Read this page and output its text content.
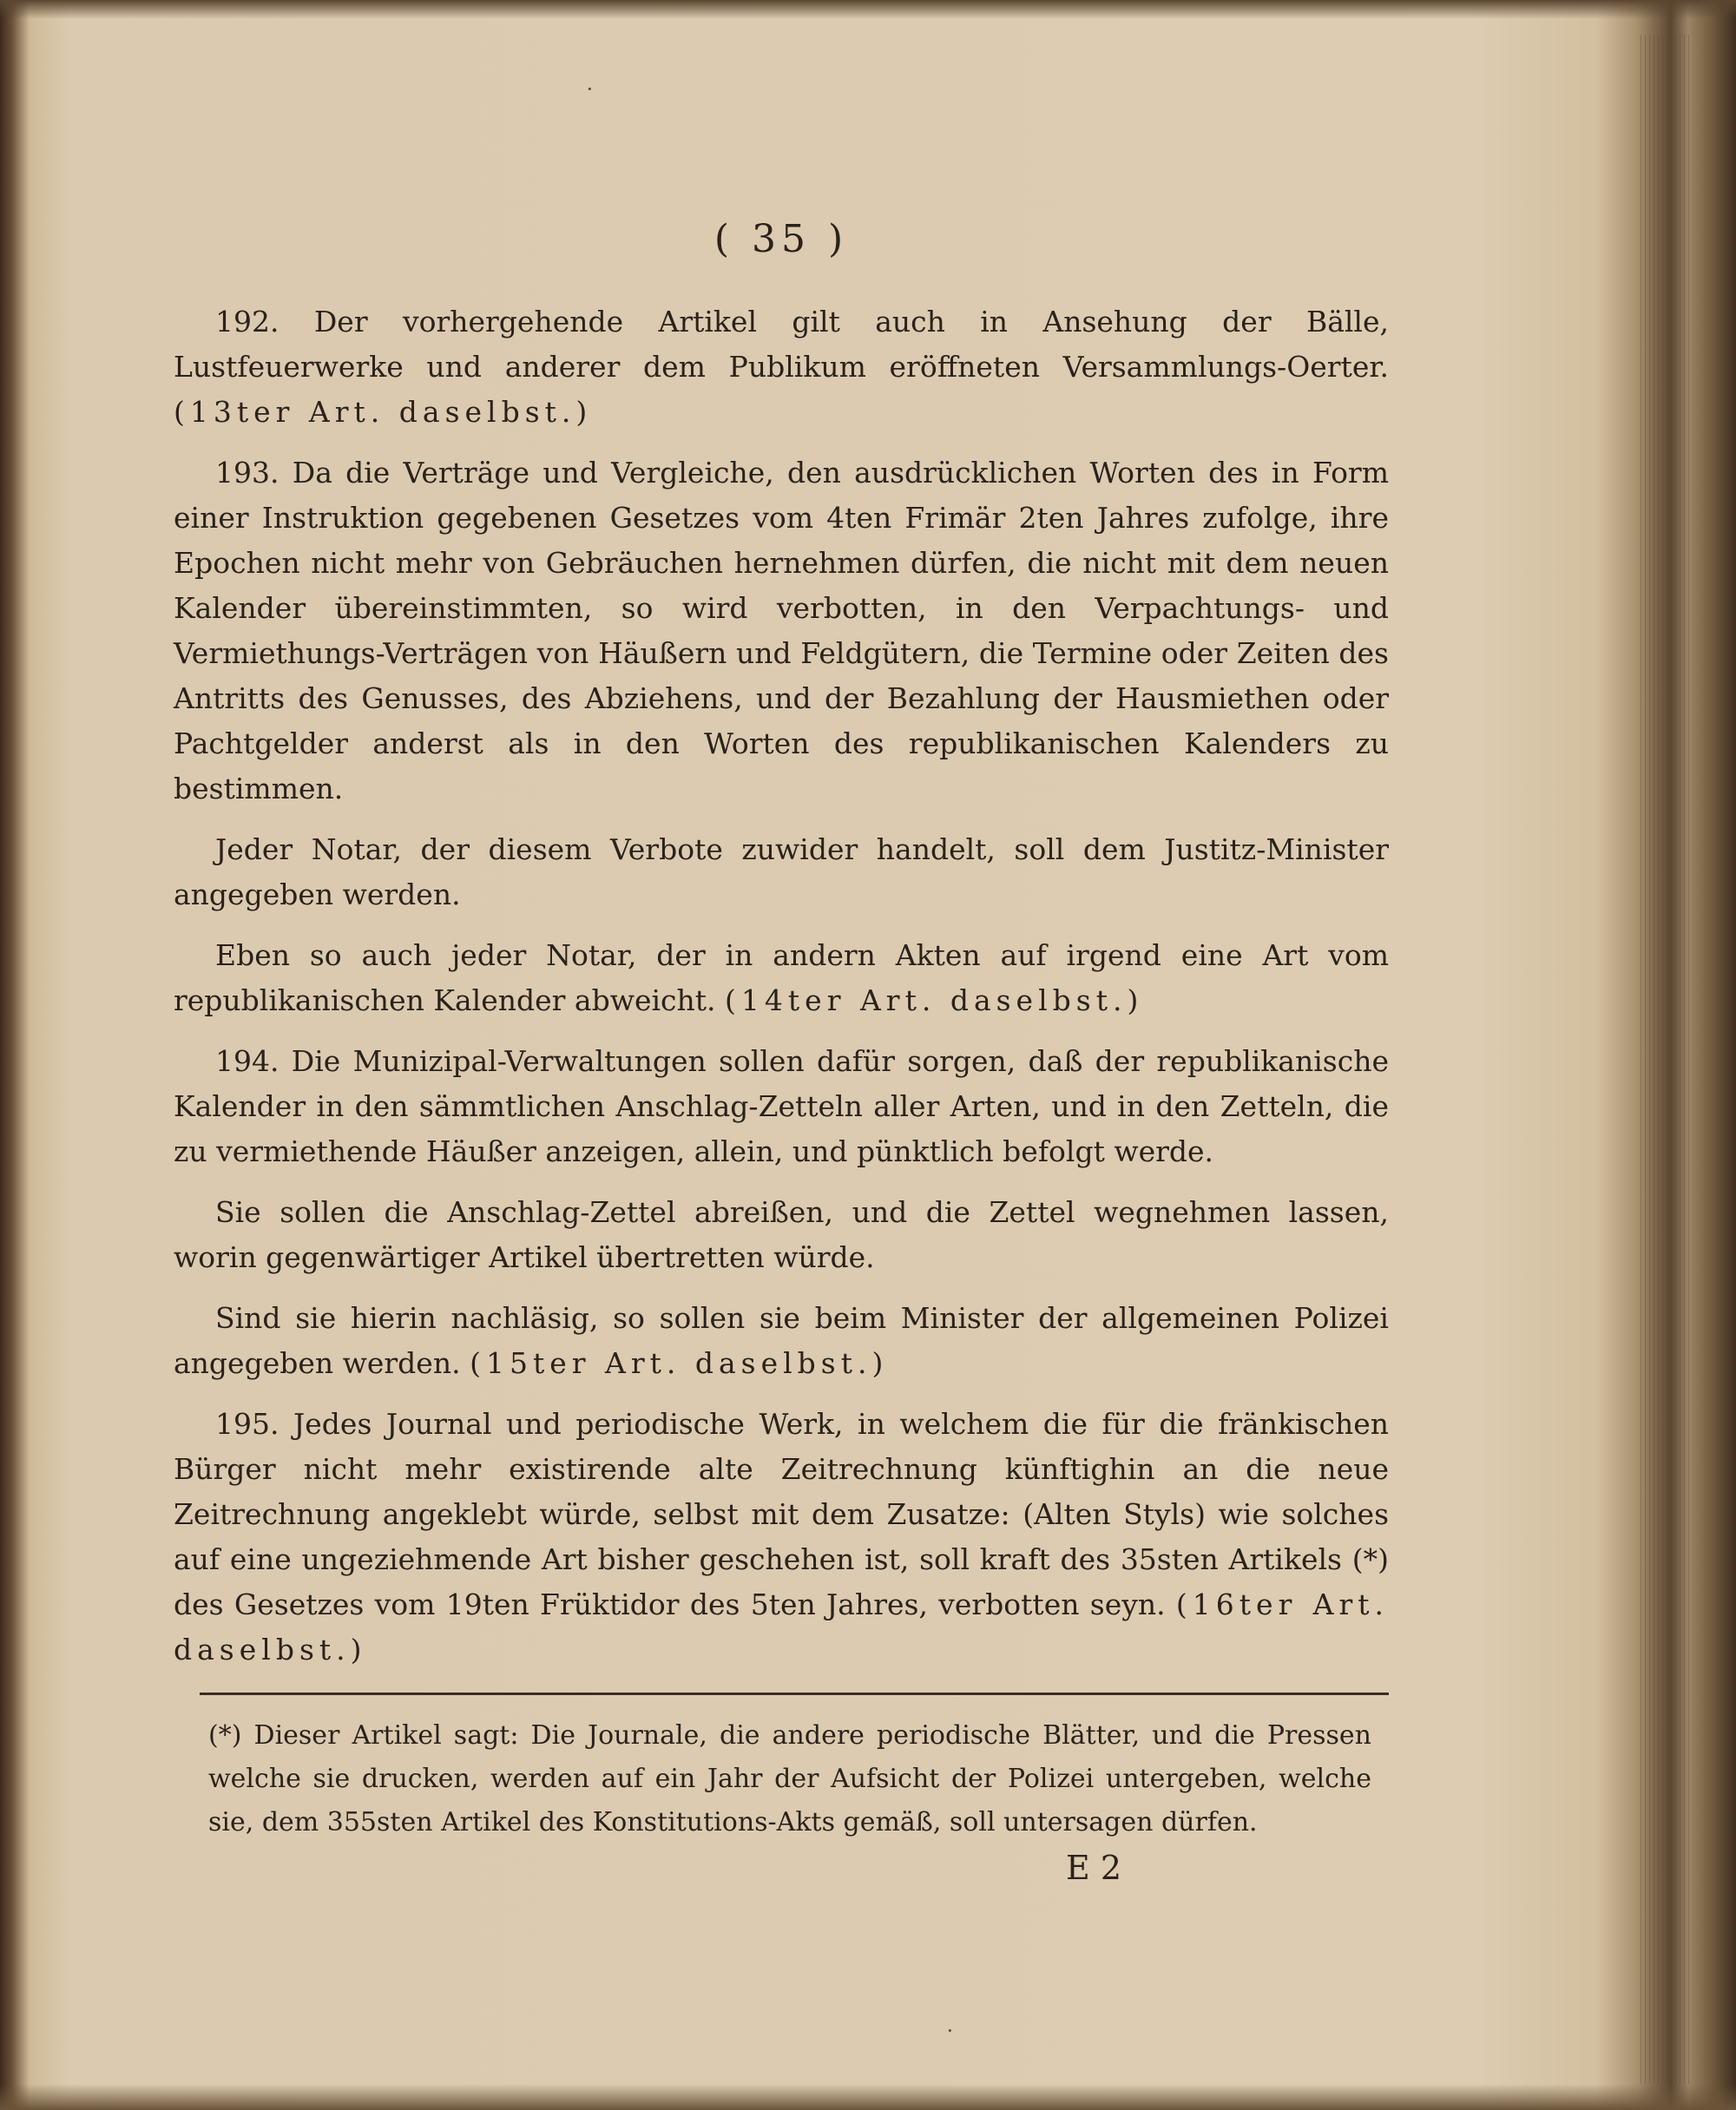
·
·
( 35 )

192. Der vorhergehende Artikel gilt auch in Ansehung der Bälle, Lustfeuerwerke und anderer dem Publikum eröffneten Versammlungs-Oerter. (13ter Art. daselbst.)

193. Da die Verträge und Vergleiche, den ausdrücklichen Worten des in Form einer Instruktion gegebenen Gesetzes vom 4ten Frimär 2ten Jahres zufolge, ihre Epochen nicht mehr von Gebräuchen hernehmen dürfen, die nicht mit dem neuen Kalender übereinstimmten, so wird verbotten, in den Verpachtungs- und Vermiethungs-Verträgen von Häußern und Feldgütern, die Termine oder Zeiten des Antritts des Genusses, des Abziehens, und der Bezahlung der Hausmiethen oder Pachtgelder anderst als in den Worten des republikanischen Kalenders zu bestimmen.

Jeder Notar, der diesem Verbote zuwider handelt, soll dem Justitz-Minister angegeben werden.

Eben so auch jeder Notar, der in andern Akten auf irgend eine Art vom republikanischen Kalender abweicht. (14ter Art. daselbst.)

194. Die Munizipal-Verwaltungen sollen dafür sorgen, daß der republikanische Kalender in den sämmtlichen Anschlag-Zetteln aller Arten, und in den Zetteln, die zu vermiethende Häußer anzeigen, allein, und pünktlich befolgt werde.

Sie sollen die Anschlag-Zettel abreißen, und die Zettel wegnehmen lassen, worin gegenwärtiger Artikel übertretten würde.

Sind sie hierin nachläsig, so sollen sie beim Minister der allgemeinen Polizei angegeben werden. (15ter Art. daselbst.)

195. Jedes Journal und periodische Werk, in welchem die für die fränkischen Bürger nicht mehr existirende alte Zeitrechnung künftighin an die neue Zeitrechnung angeklebt würde, selbst mit dem Zusatze: (Alten Styls) wie solches auf eine ungeziehmende Art bisher geschehen ist, soll kraft des 35sten Artikels (*) des Gesetzes vom 19ten Früktidor des 5ten Jahres, verbotten seyn. (16ter Art. daselbst.)

(*) Dieser Artikel sagt: Die Journale, die andere periodische Blätter, und die Pressen welche sie drucken, werden auf ein Jahr der Aufsicht der Polizei untergeben, welche sie, dem 355sten Artikel des Konstitutions-Akts gemäß, soll untersagen dürfen.
E 2
